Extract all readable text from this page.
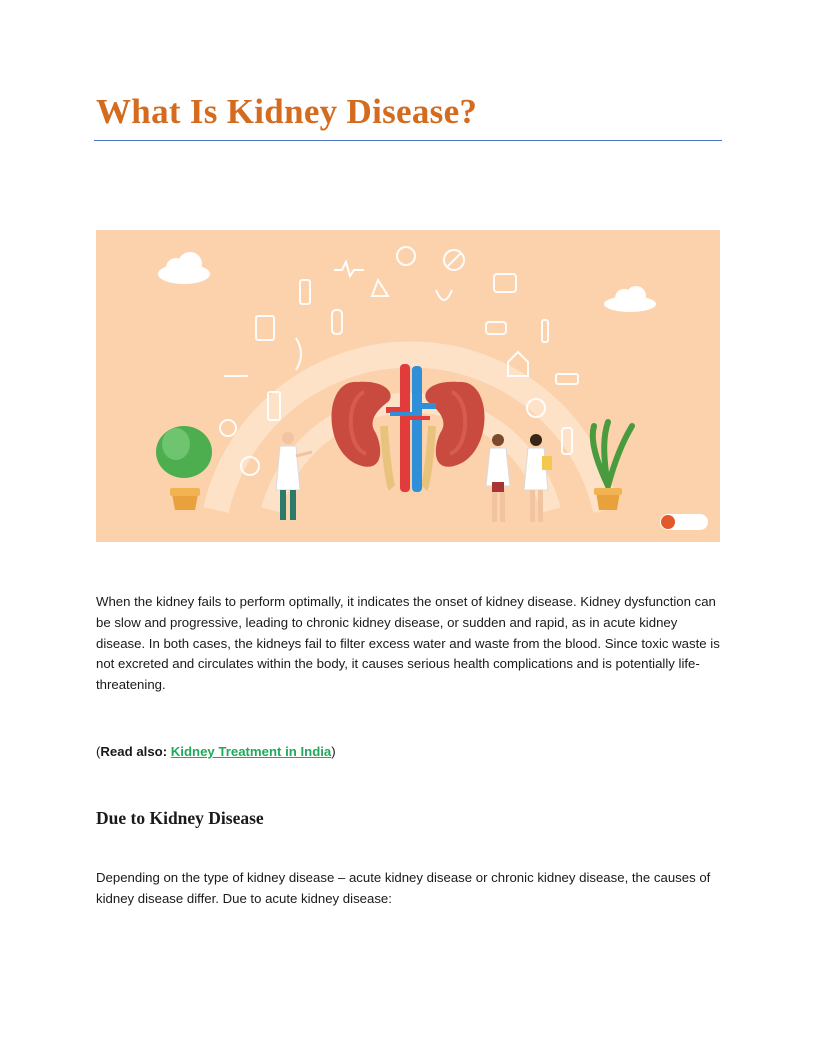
What Is Kidney Disease?

When the kidney fails to perform optimally, it indicates the onset of kidney disease. Kidney dysfunction can be slow and progressive, leading to chronic kidney disease, or sudden and rapid, as in acute kidney disease. In both cases, the kidneys fail to filter excess water and waste from the blood. Since toxic waste is not excreted and circulates within the body, it causes serious health complications and is potentially life-threatening.

(Read also: Kidney Treatment in India)

Due to Kidney Disease

Depending on the type of kidney disease – acute kidney disease or chronic kidney disease, the causes of kidney disease differ. Due to acute kidney disease:
